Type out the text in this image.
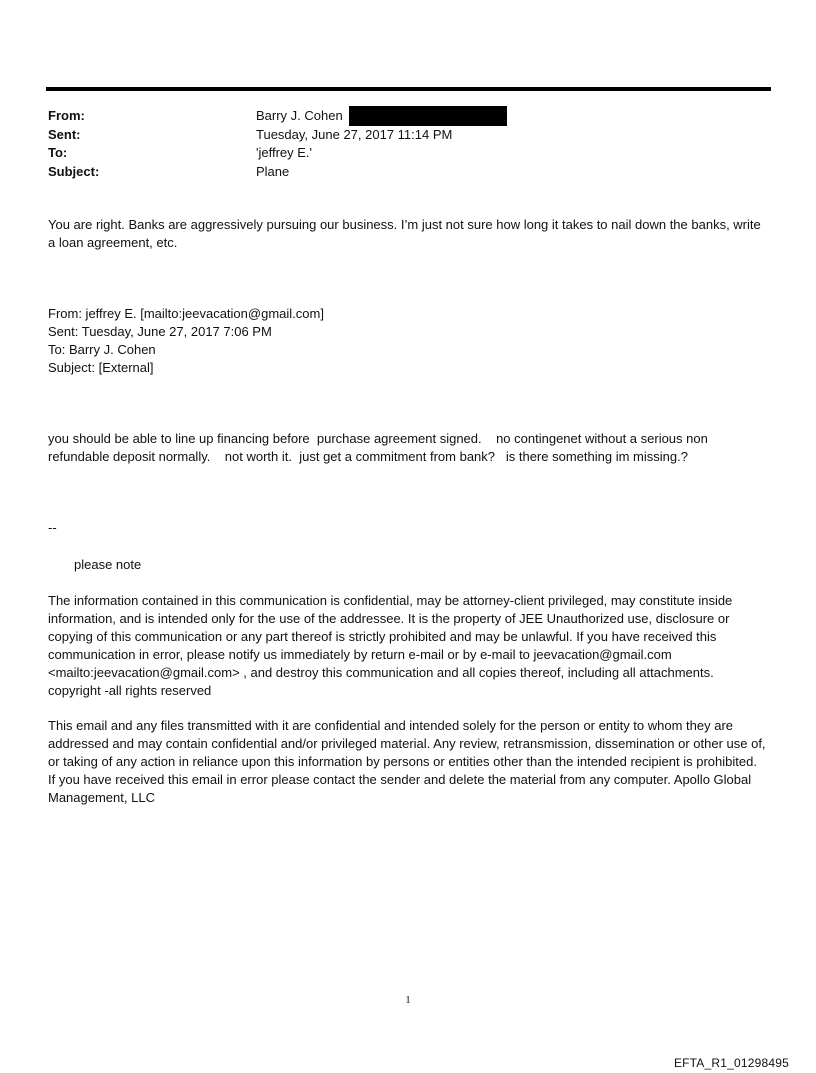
From:	Barry J. Cohen
Sent:	Tuesday, June 27, 2017 11:14 PM
To:	'jeffrey E.'
Subject:	Plane

You are right. Banks are aggressively pursuing our business. I’m just not sure how long it takes to nail down the banks, write a loan agreement, etc.

From: jeffrey E. [mailto:jeevacation@gmail.com]
Sent: Tuesday, June 27, 2017 7:06 PM
To: Barry J. Cohen
Subject: [External]

you should be able to line up financing before  purchase agreement signed.    no contingenet without a serious non refundable deposit normally.    not worth it.  just get a commitment from bank?   is there something im missing.?

--

please note

The information contained in this communication is confidential, may be attorney-client privileged, may constitute inside information, and is intended only for the use of the addressee. It is the property of JEE Unauthorized use, disclosure or copying of this communication or any part thereof is strictly prohibited and may be unlawful. If you have received this communication in error, please notify us immediately by return e-mail or by e-mail to jeevacation@gmail.com <mailto:jeevacation@gmail.com> , and destroy this communication and all copies thereof, including all attachments. copyright -all rights reserved

This email and any files transmitted with it are confidential and intended solely for the person or entity to whom they are addressed and may contain confidential and/or privileged material. Any review, retransmission, dissemination or other use of, or taking of any action in reliance upon this information by persons or entities other than the intended recipient is prohibited. If you have received this email in error please contact the sender and delete the material from any computer. Apollo Global Management, LLC

1
EFTA_R1_01298495
